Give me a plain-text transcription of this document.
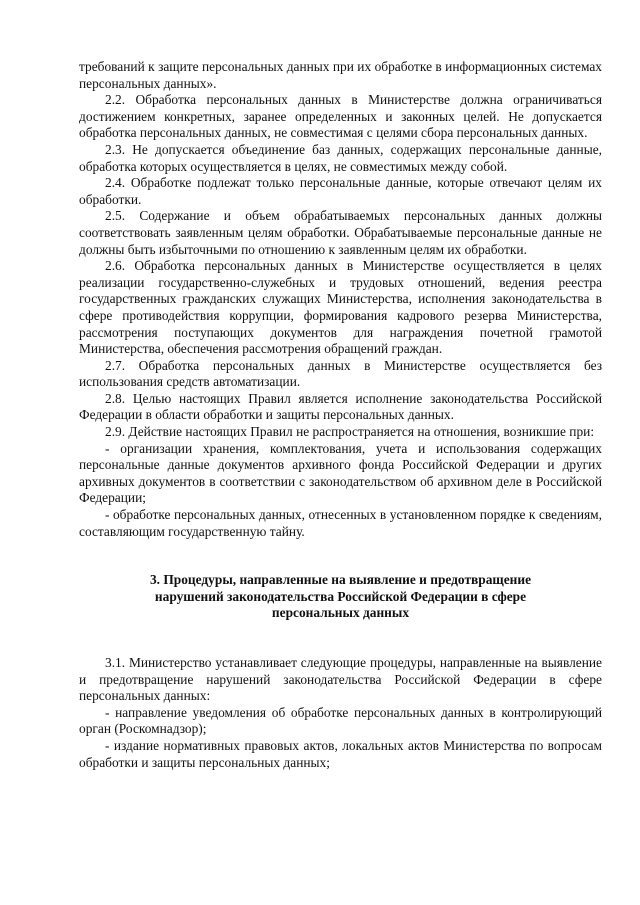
требований к защите персональных данных при их обработке в информационных системах персональных данных».

2.2. Обработка персональных данных в Министерстве должна ограничиваться достижением конкретных, заранее определенных и законных целей. Не допускается обработка персональных данных, не совместимая с целями сбора персональных данных.

2.3. Не допускается объединение баз данных, содержащих персональные данные, обработка которых осуществляется в целях, не совместимых между собой.

2.4. Обработке подлежат только персональные данные, которые отвечают целям их обработки.

2.5. Содержание и объем обрабатываемых персональных данных должны соответствовать заявленным целям обработки. Обрабатываемые персональные данные не должны быть избыточными по отношению к заявленным целям их обработки.

2.6. Обработка персональных данных в Министерстве осуществляется в целях реализации государственно-служебных и трудовых отношений, ведения реестра государственных гражданских служащих Министерства, исполнения законодательства в сфере противодействия коррупции, формирования кадрового резерва Министерства, рассмотрения поступающих документов для награждения почетной грамотой Министерства, обеспечения рассмотрения обращений граждан.

2.7. Обработка персональных данных в Министерстве осуществляется без использования средств автоматизации.

2.8. Целью настоящих Правил является исполнение законодательства Российской Федерации в области обработки и защиты персональных данных.

2.9. Действие настоящих Правил не распространяется на отношения, возникшие при:

- организации хранения, комплектования, учета и использования содержащих персональные данные документов архивного фонда Российской Федерации и других архивных документов в соответствии с законодательством об архивном деле в Российской Федерации;

- обработке персональных данных, отнесенных в установленном порядке к сведениям, составляющим государственную тайну.

3. Процедуры, направленные на выявление и предотвращение
нарушений законодательства Российской Федерации в сфере
персональных данных

3.1. Министерство устанавливает следующие процедуры, направленные на выявление и предотвращение нарушений законодательства Российской Федерации в сфере персональных данных:

- направление уведомления об обработке персональных данных в контролирующий орган (Роскомнадзор);

- издание нормативных правовых актов, локальных актов Министерства по вопросам обработки и защиты персональных данных;
